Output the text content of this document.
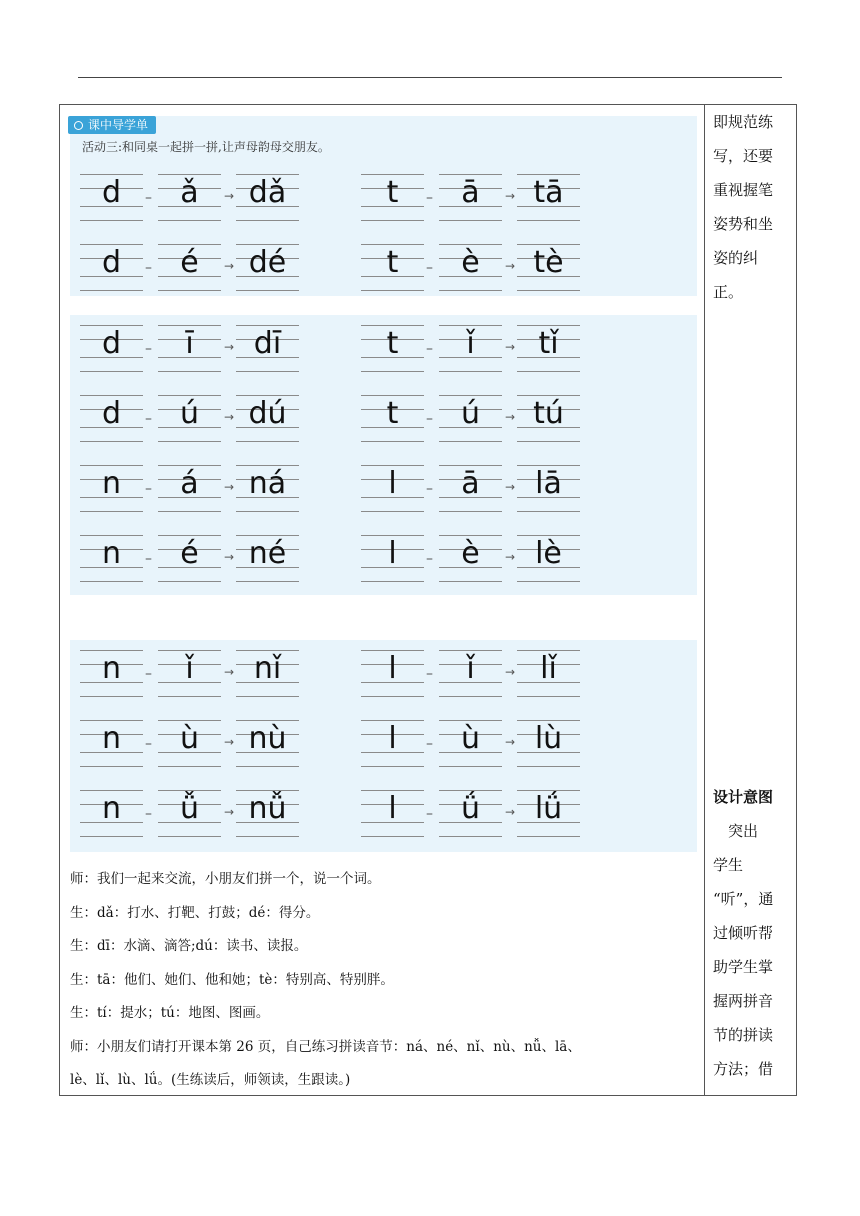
课中导学单
活动三:和同桌一起拼一拼,让声母韵母交朋友。
d	– ǎ	→ dǎ	t	– ā	→ tā
d	– é	→ dé	t	– è	→ tè
d	–	ī	→ dī	t	–	ǐ	→ tǐ
d	– ú	→ dú	t	– ú	→ tú
n	– á	→ ná	l	– ā	→ lā
n	– é	→ né	l	– è	→ lè
n	–	ǐ	→ nǐ	l	–	ǐ	→ lǐ
n	– ù	→ nù	l	– ù	→ lù
n	– ǚ	→ nǚ	l	– ǘ	→ lǘ
师：我们一起来交流，小朋友们拼一个，说一个词。
生：dǎ：打水、打靶、打鼓；dé：得分。
生：dī：水滴、滴答;dú：读书、读报。
生：tā：他们、她们、他和她；tè：特别高、特别胖。
生：tí：提水；tú：地图、图画。
师：小朋友们请打开课本第 26 页，自己练习拼读音节：ná、né、nǐ、nù、nǚ、lā、
lè、lǐ、lù、lǘ。(生练读后，师领读，生跟读。)
即规范练
写，还要
重视握笔
姿势和坐
姿的纠
正。
设计意图
　突出
学生
“听”，通
过倾听帮
助学生掌
握两拼音
节的拼读
方法；借
